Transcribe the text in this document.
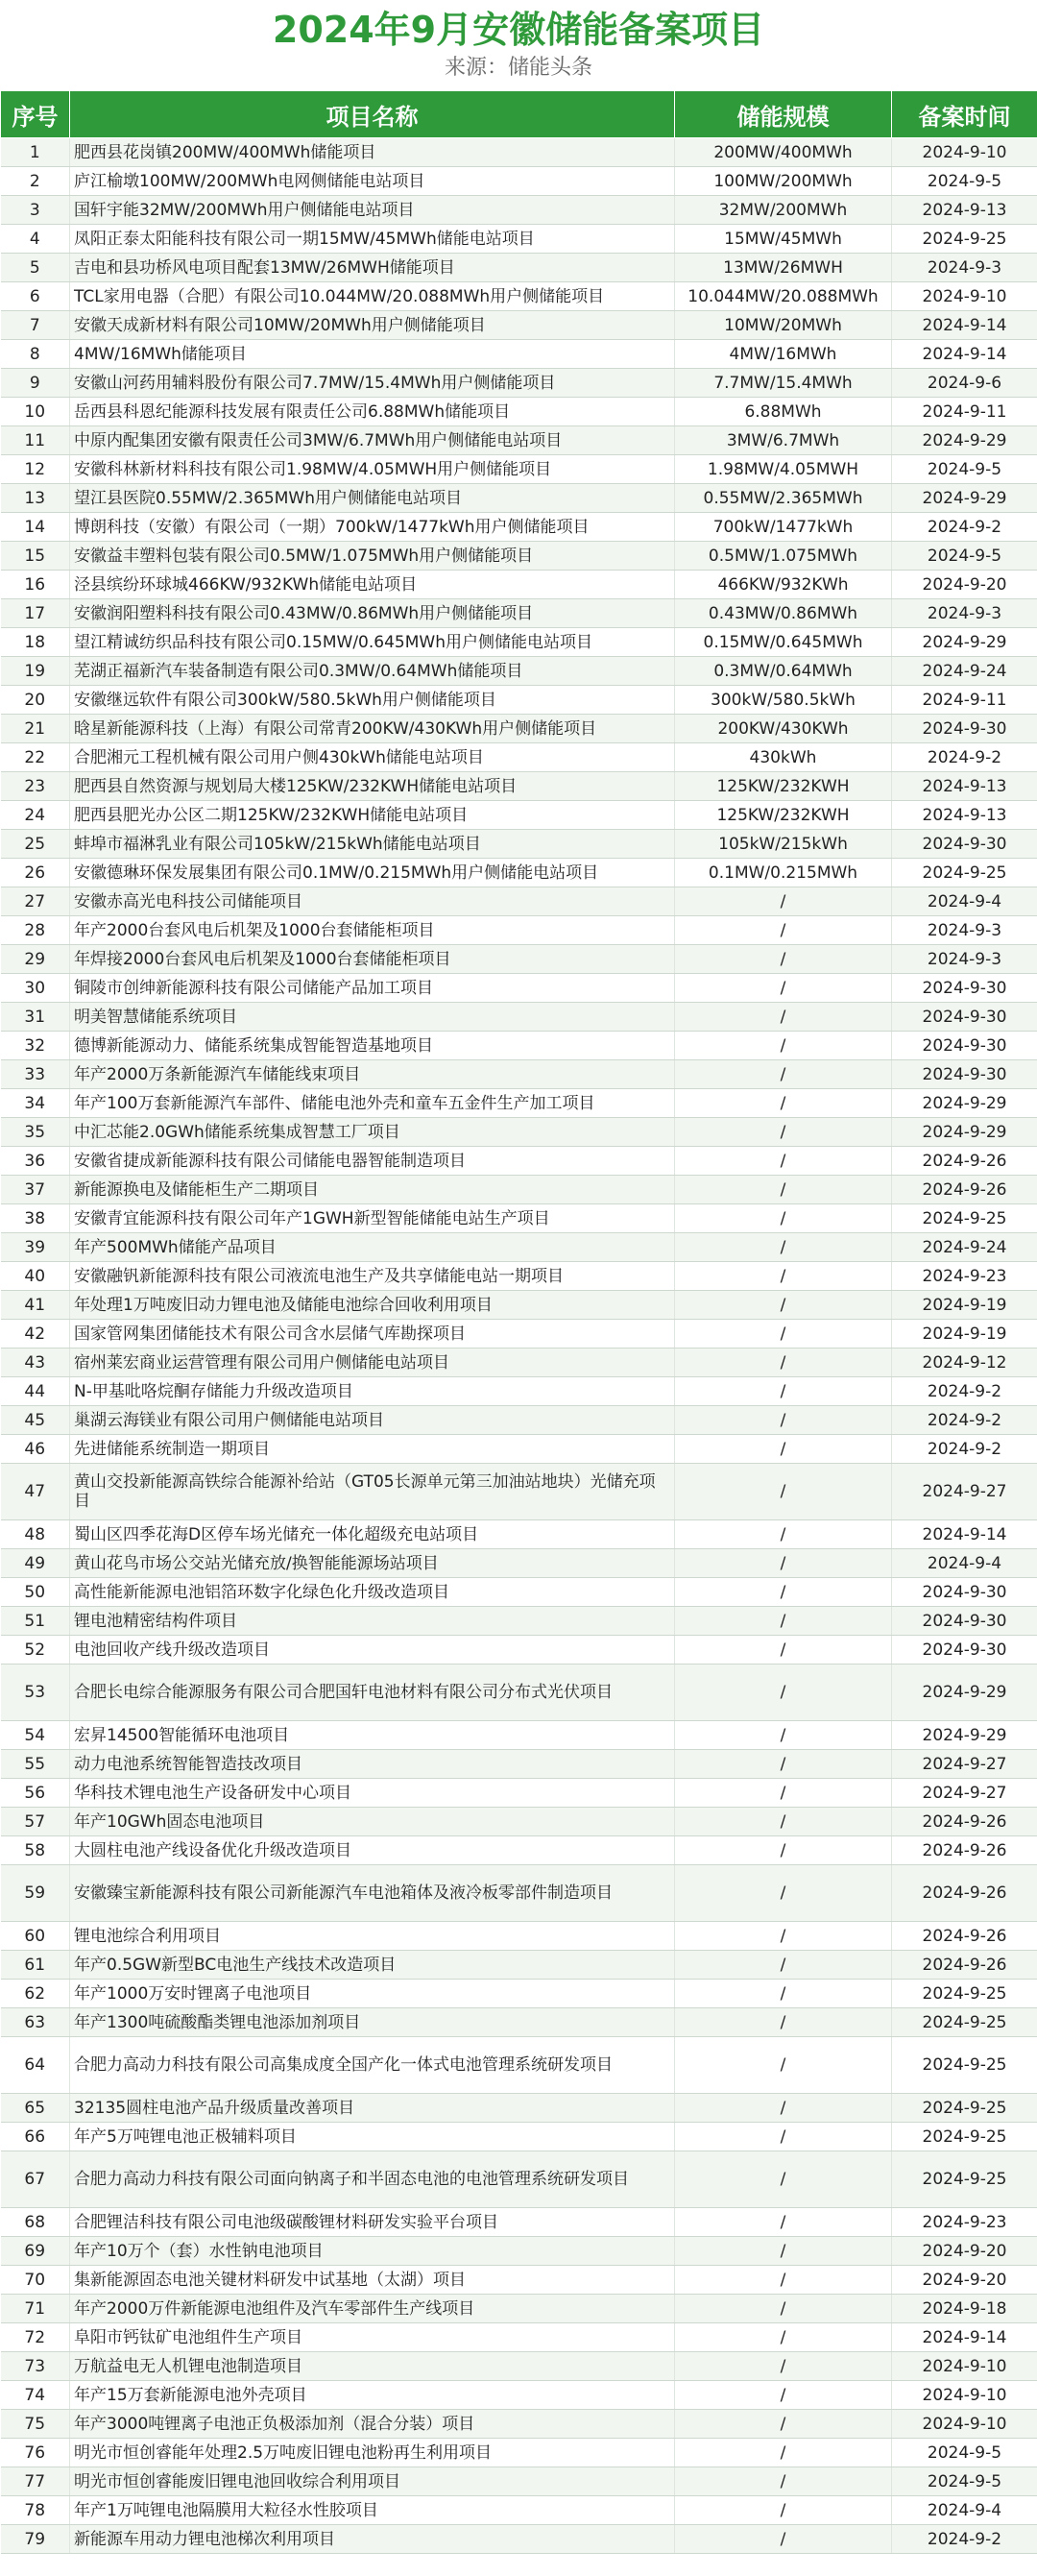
2024年9月安徽储能备案项目
来源：储能头条
序号	项目名称	储能规模	备案时间
1	肥西县花岗镇200MW/400MWh储能项目	200MW/400MWh	2024-9-10
2	庐江榆墩100MW/200MWh电网侧储能电站项目	100MW/200MWh	2024-9-5
3	国轩宇能32MW/200MWh用户侧储能电站项目	32MW/200MWh	2024-9-13
4	凤阳正泰太阳能科技有限公司一期15MW/45MWh储能电站项目	15MW/45MWh	2024-9-25
5	吉电和县功桥风电项目配套13MW/26MWH储能项目	13MW/26MWH	2024-9-3
6	TCL家用电器（合肥）有限公司10.044MW/20.088MWh用户侧储能项目	10.044MW/20.088MWh	2024-9-10
7	安徽天成新材料有限公司10MW/20MWh用户侧储能项目	10MW/20MWh	2024-9-14
8	4MW/16MWh储能项目	4MW/16MWh	2024-9-14
9	安徽山河药用辅料股份有限公司7.7MW/15.4MWh用户侧储能项目	7.7MW/15.4MWh	2024-9-6
10	岳西县科恩纪能源科技发展有限责任公司6.88MWh储能项目	6.88MWh	2024-9-11
11	中原内配集团安徽有限责任公司3MW/6.7MWh用户侧储能电站项目	3MW/6.7MWh	2024-9-29
12	安徽科林新材料科技有限公司1.98MW/4.05MWH用户侧储能项目	1.98MW/4.05MWH	2024-9-5
13	望江县医院0.55MW/2.365MWh用户侧储能电站项目	0.55MW/2.365MWh	2024-9-29
14	博朗科技（安徽）有限公司（一期）700kW/1477kWh用户侧储能项目	700kW/1477kWh	2024-9-2
15	安徽益丰塑料包装有限公司0.5MW/1.075MWh用户侧储能项目	0.5MW/1.075MWh	2024-9-5
16	泾县缤纷环球城466KW/932KWh储能电站项目	466KW/932KWh	2024-9-20
17	安徽润阳塑料科技有限公司0.43MW/0.86MWh用户侧储能项目	0.43MW/0.86MWh	2024-9-3
18	望江精诚纺织品科技有限公司0.15MW/0.645MWh用户侧储能电站项目	0.15MW/0.645MWh	2024-9-29
19	芜湖正福新汽车装备制造有限公司0.3MW/0.64MWh储能项目	0.3MW/0.64MWh	2024-9-24
20	安徽继远软件有限公司300kW/580.5kWh用户侧储能项目	300kW/580.5kWh	2024-9-11
21	晗星新能源科技（上海）有限公司常青200KW/430KWh用户侧储能项目	200KW/430KWh	2024-9-30
22	合肥湘元工程机械有限公司用户侧430kWh储能电站项目	430kWh	2024-9-2
23	肥西县自然资源与规划局大楼125KW/232KWH储能电站项目	125KW/232KWH	2024-9-13
24	肥西县肥光办公区二期125KW/232KWH储能电站项目	125KW/232KWH	2024-9-13
25	蚌埠市福淋乳业有限公司105kW/215kWh储能电站项目	105kW/215kWh	2024-9-30
26	安徽德琳环保发展集团有限公司0.1MW/0.215MWh用户侧储能电站项目	0.1MW/0.215MWh	2024-9-25
27	安徽赤高光电科技公司储能项目	/	2024-9-4
28	年产2000台套风电后机架及1000台套储能柜项目	/	2024-9-3
29	年焊接2000台套风电后机架及1000台套储能柜项目	/	2024-9-3
30	铜陵市创绅新能源科技有限公司储能产品加工项目	/	2024-9-30
31	明美智慧储能系统项目	/	2024-9-30
32	德博新能源动力、储能系统集成智能智造基地项目	/	2024-9-30
33	年产2000万条新能源汽车储能线束项目	/	2024-9-30
34	年产100万套新能源汽车部件、储能电池外壳和童车五金件生产加工项目	/	2024-9-29
35	中汇芯能2.0GWh储能系统集成智慧工厂项目	/	2024-9-29
36	安徽省捷成新能源科技有限公司储能电器智能制造项目	/	2024-9-26
37	新能源换电及储能柜生产二期项目	/	2024-9-26
38	安徽青宜能源科技有限公司年产1GWH新型智能储能电站生产项目	/	2024-9-25
39	年产500MWh储能产品项目	/	2024-9-24
40	安徽融钒新能源科技有限公司液流电池生产及共享储能电站一期项目	/	2024-9-23
41	年处理1万吨废旧动力锂电池及储能电池综合回收利用项目	/	2024-9-19
42	国家管网集团储能技术有限公司含水层储气库勘探项目	/	2024-9-19
43	宿州莱宏商业运营管理有限公司用户侧储能电站项目	/	2024-9-12
44	N-甲基吡咯烷酮存储能力升级改造项目	/	2024-9-2
45	巢湖云海镁业有限公司用户侧储能电站项目	/	2024-9-2
46	先进储能系统制造一期项目	/	2024-9-2
47	黄山交投新能源高铁综合能源补给站（GT05长源单元第三加油站地块）光储充项目	/	2024-9-27
48	蜀山区四季花海D区停车场光储充一体化超级充电站项目	/	2024-9-14
49	黄山花鸟市场公交站光储充放/换智能能源场站项目	/	2024-9-4
50	高性能新能源电池铝箔环数字化绿色化升级改造项目	/	2024-9-30
51	锂电池精密结构件项目	/	2024-9-30
52	电池回收产线升级改造项目	/	2024-9-30
53	合肥长电综合能源服务有限公司合肥国轩电池材料有限公司分布式光伏项目	/	2024-9-29
54	宏昇14500智能循环电池项目	/	2024-9-29
55	动力电池系统智能智造技改项目	/	2024-9-27
56	华科技术锂电池生产设备研发中心项目	/	2024-9-27
57	年产10GWh固态电池项目	/	2024-9-26
58	大圆柱电池产线设备优化升级改造项目	/	2024-9-26
59	安徽臻宝新能源科技有限公司新能源汽车电池箱体及液冷板零部件制造项目	/	2024-9-26
60	锂电池综合利用项目	/	2024-9-26
61	年产0.5GW新型BC电池生产线技术改造项目	/	2024-9-26
62	年产1000万安时锂离子电池项目	/	2024-9-25
63	年产1300吨硫酸酯类锂电池添加剂项目	/	2024-9-25
64	合肥力高动力科技有限公司高集成度全国产化一体式电池管理系统研发项目	/	2024-9-25
65	32135圆柱电池产品升级质量改善项目	/	2024-9-25
66	年产5万吨锂电池正极辅料项目	/	2024-9-25
67	合肥力高动力科技有限公司面向钠离子和半固态电池的电池管理系统研发项目	/	2024-9-25
68	合肥锂洁科技有限公司电池级碳酸锂材料研发实验平台项目	/	2024-9-23
69	年产10万个（套）水性钠电池项目	/	2024-9-20
70	集新能源固态电池关键材料研发中试基地（太湖）项目	/	2024-9-20
71	年产2000万件新能源电池组件及汽车零部件生产线项目	/	2024-9-18
72	阜阳市钙钛矿电池组件生产项目	/	2024-9-14
73	万航益电无人机锂电池制造项目	/	2024-9-10
74	年产15万套新能源电池外壳项目	/	2024-9-10
75	年产3000吨锂离子电池正负极添加剂（混合分装）项目	/	2024-9-10
76	明光市恒创睿能年处理2.5万吨废旧锂电池粉再生利用项目	/	2024-9-5
77	明光市恒创睿能废旧锂电池回收综合利用项目	/	2024-9-5
78	年产1万吨锂电池隔膜用大粒径水性胶项目	/	2024-9-4
79	新能源车用动力锂电池梯次利用项目	/	2024-9-2
